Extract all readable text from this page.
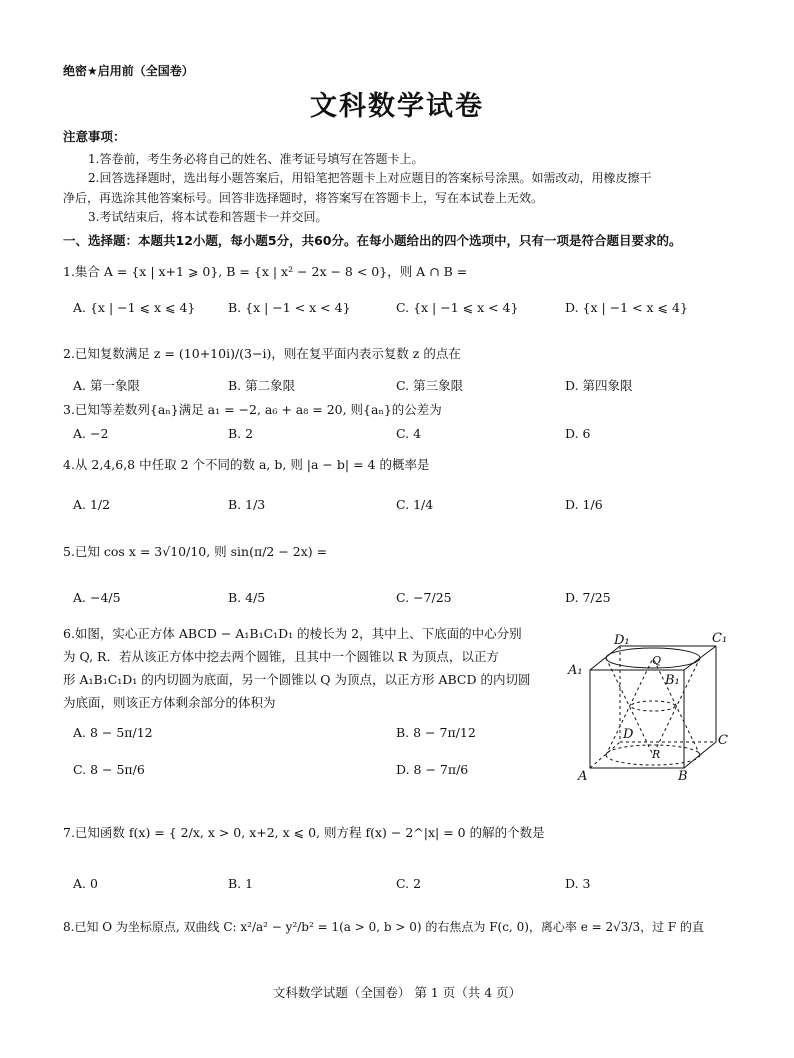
绝密★启用前（全国卷）
文科数学试卷
注意事项：
1.答卷前，考生务必将自己的姓名、准考证号填写在答题卡上。
2.回答选择题时，选出每小题答案后，用铅笔把答题卡上对应题目的答案标号涂黑。如需改动，用橡皮擦干
净后，再选涂其他答案标号。回答非选择题时，将答案写在答题卡上，写在本试卷上无效。
3.考试结束后，将本试卷和答题卡一并交回。
一、选择题：本题共12小题，每小题5分，共60分。在每小题给出的四个选项中，只有一项是符合题目要求的。
1.集合 A = {x | x+1 ⩾ 0}, B = {x | x² − 2x − 8 < 0}，则 A ∩ B =
A. {x | −1 ⩽ x ⩽ 4}	B. {x | −1 < x < 4}	C. {x | −1 ⩽ x < 4}	D. {x | −1 < x ⩽ 4}
2.已知复数满足 z = (10+10i)/(3−i)，则在复平面内表示复数 z 的点在
A. 第一象限	B. 第二象限	C. 第三象限	D. 第四象限
3.已知等差数列{aₙ}满足 a₁ = −2, a₆ + a₈ = 20, 则{aₙ}的公差为
A. −2	B. 2	C. 4	D. 6
4.从 2,4,6,8 中任取 2 个不同的数 a, b, 则 |a − b| = 4 的概率是
A. 1/2	B. 1/3	C. 1/4	D. 1/6
5.已知 cos x = 3√10/10, 则 sin(π/2 − 2x) =
A. −4/5	B. 4/5	C. −7/25	D. 7/25
6.如图，实心正方体 ABCD − A₁B₁C₁D₁ 的棱长为 2，其中上、下底面的中心分别
为 Q, R．若从该正方体中挖去两个圆锥，且其中一个圆锥以 R 为顶点，以正方
形 A₁B₁C₁D₁ 的内切圆为底面，另一个圆锥以 Q 为顶点，以正方形 ABCD 的内切圆
为底面，则该正方体剩余部分的体积为
A. 8 − 5π/12	B. 8 − 7π/12
C. 8 − 5π/6	D. 8 − 7π/6
D₁	C₁
A₁
B₁
Q
D	C
R
A	B
7.已知函数 f(x) = { 2/x, x > 0, x+2, x ⩽ 0, 则方程 f(x) − 2^|x| = 0 的解的个数是
A. 0	B. 1	C. 2	D. 3
8.已知 O 为坐标原点, 双曲线 C: x²/a² − y²/b² = 1(a > 0, b > 0) 的右焦点为 F(c, 0)，离心率 e = 2√3/3，过 F 的直
文科数学试题（全国卷） 第 1 页（共 4 页）
